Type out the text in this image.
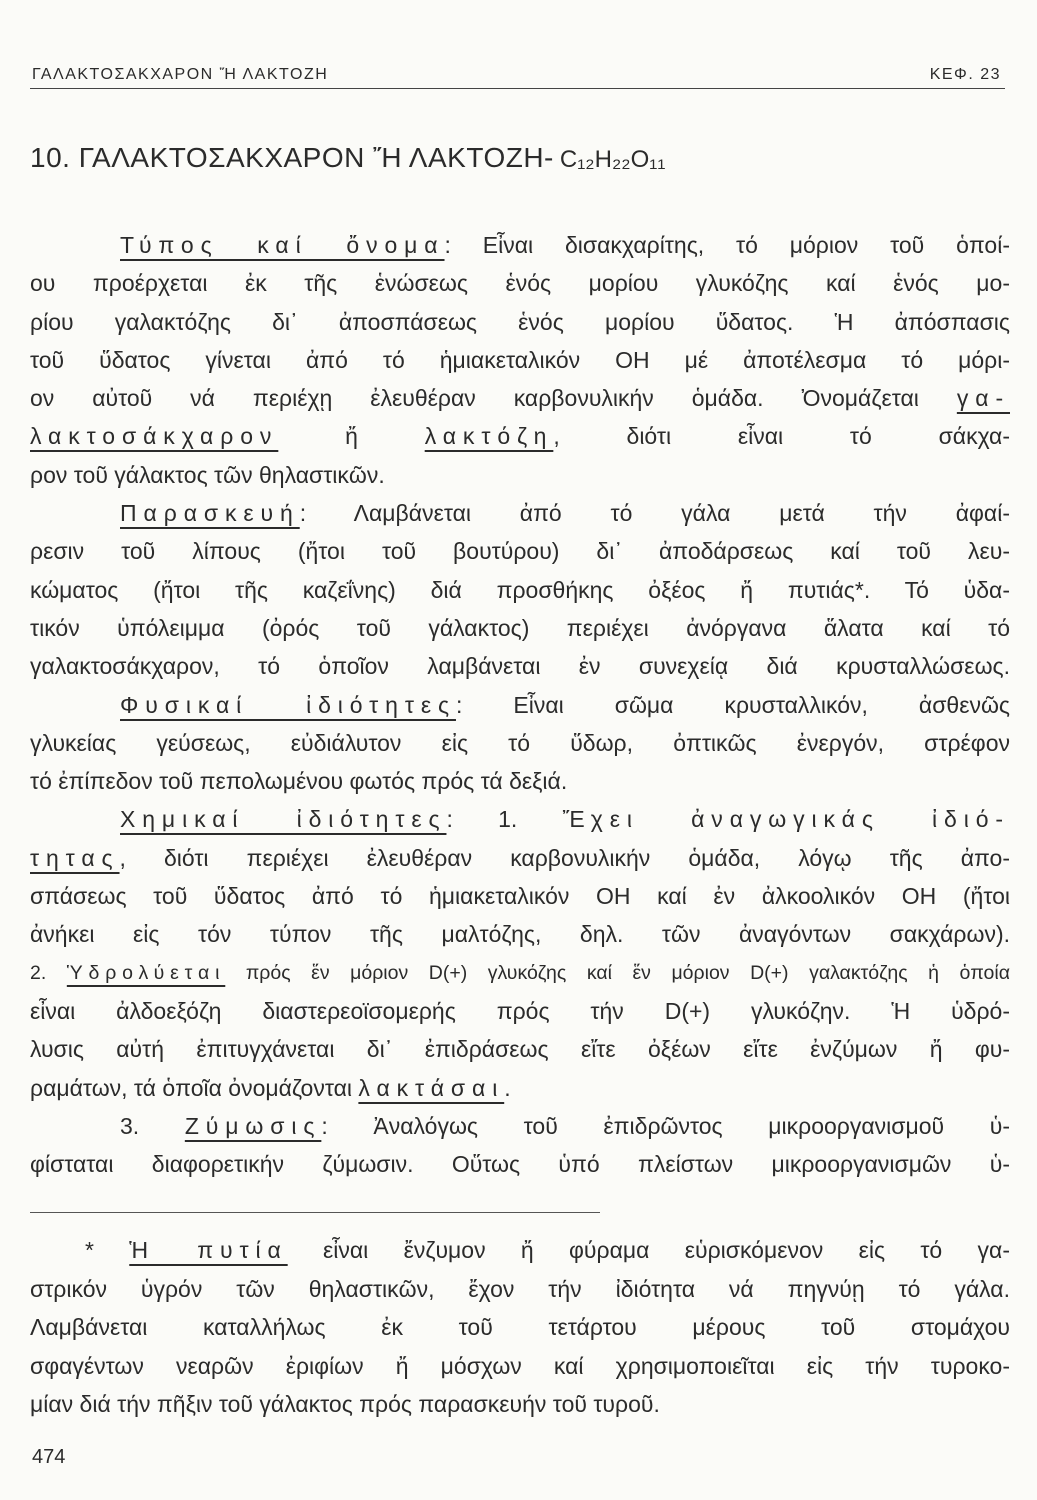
ΓΑΛΑΚΤΟΣΑΚΧΑΡΟΝ Ἤ ΛΑΚΤΟΖΗ	ΚΕΦ. 23
10. ΓΑΛΑΚΤΟΣΑΚΧΑΡΟΝ Ἤ ΛΑΚΤΟΖΗ- C₁₂H₂₂O₁₁
Τύπος καί ὄνομα: Εἶναι δισακχαρίτης, τό μόριον τοῦ ὁποί-
ου προέρχεται ἐκ τῆς ἑνώσεως ἑνός μορίου γλυκόζης καί ἑνός μο-
ρίου γαλακτόζης δι᾽ ἀποσπάσεως ἑνός μορίου ὕδατος. Ἡ ἀπόσπασις
τοῦ ὕδατος γίνεται ἀπό τό ἡμιακεταλικόν OH μέ ἀποτέλεσμα τό μόρι-
ον αὐτοῦ νά περιέχῃ ἐλευθέραν καρβονυλικήν ὁμάδα. Ὀνομάζεται γα-
λακτοσάκχαρον ἤ λακτόζη, διότι εἶναι τό σάκχα-
ρον τοῦ γάλακτος τῶν θηλαστικῶν.
Παρασκευή: Λαμβάνεται ἀπό τό γάλα μετά τήν ἀφαί-
ρεσιν τοῦ λίπους (ἤτοι τοῦ βουτύρου) δι᾽ ἀποδάρσεως καί τοῦ λευ-
κώματος (ἤτοι τῆς καζεΐνης) διά προσθήκης ὀξέος ἤ πυτιάς*. Τό ὑδα-
τικόν ὑπόλειμμα (ὀρός τοῦ γάλακτος) περιέχει ἀνόργανα ἅλατα καί τό
γαλακτοσάκχαρον, τό ὁποῖον λαμβάνεται ἐν συνεχείᾳ διά κρυσταλλώσεως.
Φυσικαί ἰδιότητες: Εἶναι σῶμα κρυσταλλικόν, ἀσθενῶς
γλυκείας γεύσεως, εὐδιάλυτον εἰς τό ὕδωρ, ὀπτικῶς ἐνεργόν, στρέφον
τό ἐπίπεδον τοῦ πεπολωμένου φωτός πρός τά δεξιά.
Χημικαί ἰδιότητες: 1. Ἔχει ἀναγωγικάς ἰδιό-
τητας, διότι περιέχει ἐλευθέραν καρβονυλικήν ὁμάδα, λόγῳ τῆς ἀπο-
σπάσεως τοῦ ὕδατος ἀπό τό ἡμιακεταλικόν OH καί ἐν ἀλκοολικόν OH (ἤτοι
ἀνήκει εἰς τόν τύπον τῆς μαλτόζης, δηλ. τῶν ἀναγόντων σακχάρων).
2. Ὑδρολύεται πρός ἕν μόριον D(+) γλυκόζης καί ἕν μόριον D(+) γαλακτόζης ἡ ὁποία
εἶναι ἀλδοεξόζη διαστερεοϊσομερής πρός τήν D(+) γλυκόζην. Ἡ ὑδρό-
λυσις αὐτή ἐπιτυγχάνεται δι᾽ ἐπιδράσεως εἴτε ὀξέων εἴτε ἐνζύμων ἤ φυ-
ραμάτων, τά ὁποῖα ὀνομάζονται λακτάσαι.
3. Ζύμωσις: Ἀναλόγως τοῦ ἐπιδρῶντος μικροοργανισμοῦ ὑ-
φίσταται διαφορετικήν ζύμωσιν. Οὕτως ὑπό πλείστων μικροοργανισμῶν ὑ-
* Ἡ πυτία εἶναι ἔνζυμον ἤ φύραμα εὑρισκόμενον εἰς τό γα-
στρικόν ὑγρόν τῶν θηλαστικῶν, ἔχον τήν ἰδιότητα νά πηγνύῃ τό γάλα.
Λαμβάνεται καταλλήλως ἐκ τοῦ τετάρτου μέρους τοῦ στομάχου
σφαγέντων νεαρῶν ἐριφίων ἤ μόσχων καί χρησιμοποιεῖται εἰς τήν τυροκο-
μίαν διά τήν πῆξιν τοῦ γάλακτος πρός παρασκευήν τοῦ τυροῦ.
474
